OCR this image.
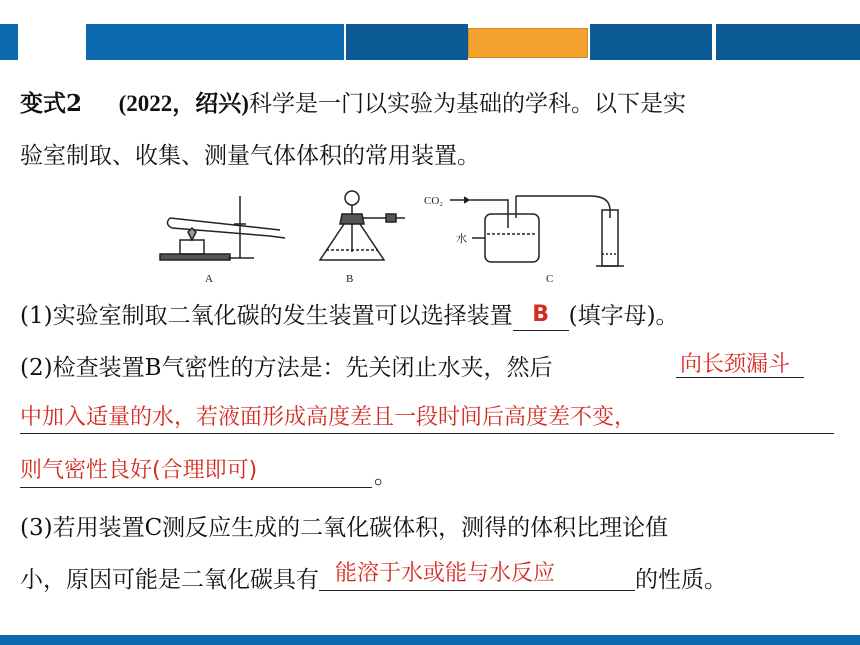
变式2 (2022，绍兴)科学是一门以实验为基础的学科。以下是实
验室制取、收集、测量气体体积的常用装置。
A	B
CO₂
水
C
(1)实验室制取二氧化碳的发生装置可以选择装置 B (填字母)。
(2)检查装置B气密性的方法是：先关闭止水夹，然后	向长颈漏斗
中加入适量的水，若液面形成高度差且一段时间后高度差不变，
则气密性良好(合理即可)	。
(3)若用装置C测反应生成的二氧化碳体积，测得的体积比理论值
小，原因可能是二氧化碳具有 能溶于水或能与水反应	的性质。
